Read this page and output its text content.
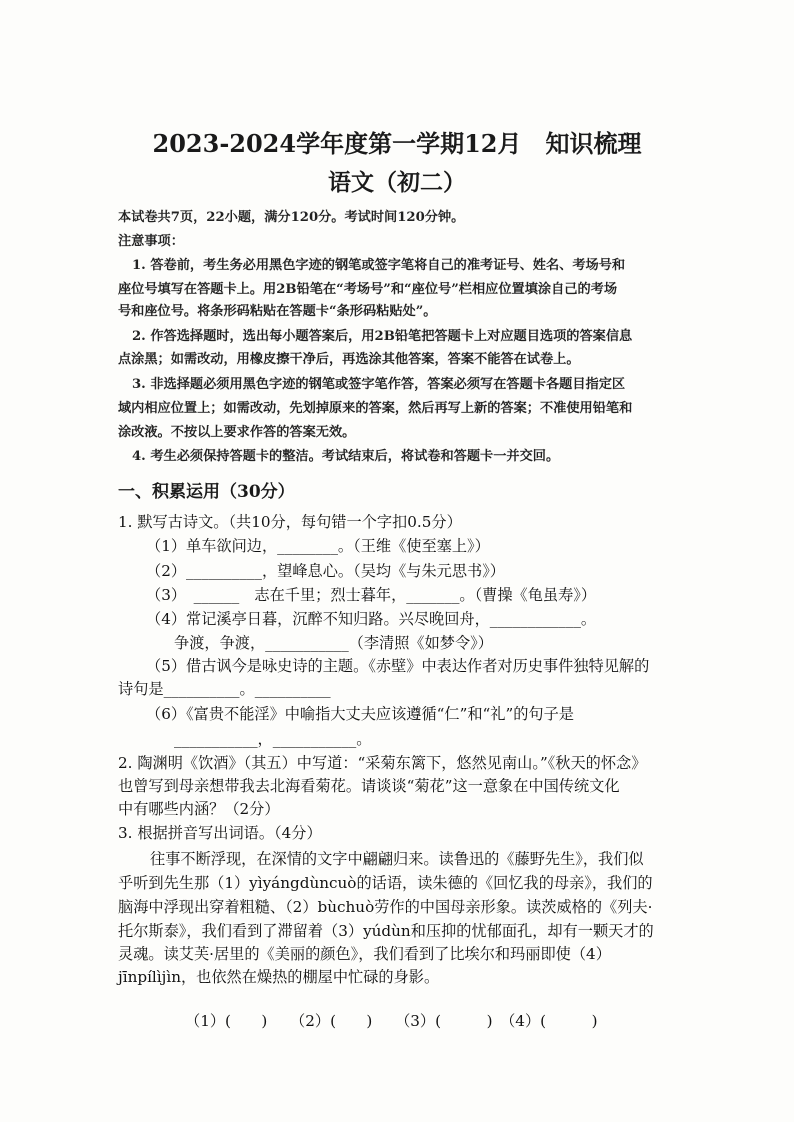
2023-2024学年度第一学期12月　知识梳理
语文（初二）
本试卷共7页，22小题，满分120分。考试时间120分钟。
注意事项：
1. 答卷前，考生务必用黑色字迹的钢笔或签字笔将自己的准考证号、姓名、考场号和
座位号填写在答题卡上。用2B铅笔在“考场号”和“座位号”栏相应位置填涂自己的考场
号和座位号。将条形码粘贴在答题卡“条形码粘贴处”。
2. 作答选择题时，选出每小题答案后，用2B铅笔把答题卡上对应题目选项的答案信息
点涂黑；如需改动，用橡皮擦干净后，再选涂其他答案，答案不能答在试卷上。
3. 非选择题必须用黑色字迹的钢笔或签字笔作答，答案必须写在答题卡各题目指定区
域内相应位置上；如需改动，先划掉原来的答案，然后再写上新的答案；不准使用铅笔和
涂改液。不按以上要求作答的答案无效。
4. 考生必须保持答题卡的整洁。考试结束后，将试卷和答题卡一并交回。
一、积累运用（30分）
1. 默写古诗文。（共10分，每句错一个字扣0.5分）
（1）单车欲问边，________。（王维《使至塞上》）
（2）__________，望峰息心。（吴均《与朱元思书》）
（3）　______　志在千里；烈士暮年，_______。（曹操《龟虽寿》）
（4）常记溪亭日暮，沉醉不知归路。兴尽晚回舟，____________。
争渡，争渡，___________（李清照《如梦令》）
（5）借古讽今是咏史诗的主题。《赤壁》中表达作者对历史事件独特见解的
诗句是__________。__________
（6）《富贵不能淫》中喻指大丈夫应该遵循“仁”和“礼”的句子是
___________，___________。
2. 陶渊明《饮酒》（其五）中写道：“采菊东篱下，悠然见南山。”《秋天的怀念》
也曾写到母亲想带我去北海看菊花。请谈谈“菊花”这一意象在中国传统文化
中有哪些内涵？（2分）
3. 根据拼音写出词语。（4分）
往事不断浮现，在深情的文字中翩翩归来。读鲁迅的《藤野先生》，我们似
乎听到先生那（1）yìyángdùncuò的话语，读朱德的《回忆我的母亲》，我们的
脑海中浮现出穿着粗糙、（2）bùchuò劳作的中国母亲形象。读茨威格的《列夫·
托尔斯泰》，我们看到了滞留着（3）yúdùn和压抑的忧郁面孔，却有一颗天才的
灵魂。读艾芙·居里的《美丽的颜色》，我们看到了比埃尔和玛丽即使（4）
jīnpílìjìn，也依然在燥热的棚屋中忙碌的身影。
（1）(　　)　　（2）(　　)　　（3）(　　　)　（4）(　　　)
